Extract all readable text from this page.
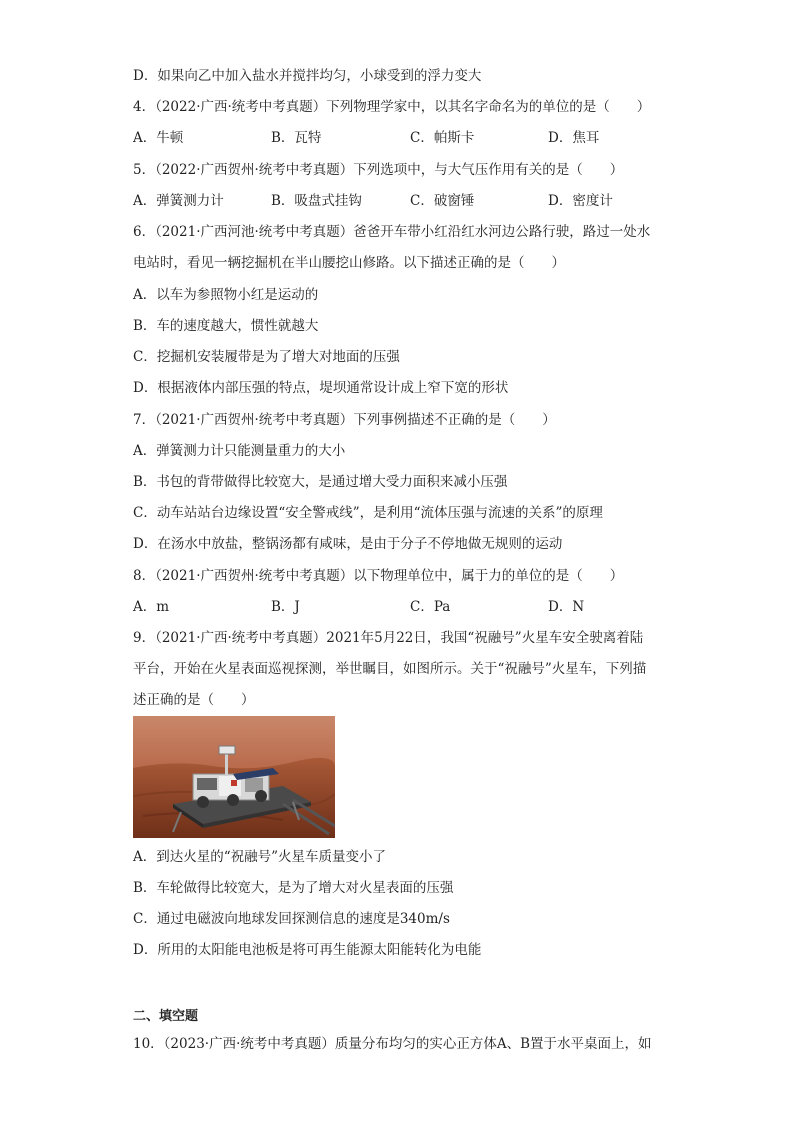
D．如果向乙中加入盐水并搅拌均匀，小球受到的浮力变大
4．（2022·广西·统考中考真题）下列物理学家中，以其名字命名为的单位的是（　　）
A．牛顿	B．瓦特	C．帕斯卡	D．焦耳
5．（2022·广西贺州·统考中考真题）下列选项中，与大气压作用有关的是（　　）
A．弹簧测力计	B．吸盘式挂钩	C．破窗锤	D．密度计
6．（2021·广西河池·统考中考真题）爸爸开车带小红沿红水河边公路行驶，路过一处水
电站时，看见一辆挖掘机在半山腰挖山修路。以下描述正确的是（　　）
A．以车为参照物小红是运动的
B．车的速度越大，惯性就越大
C．挖掘机安装履带是为了增大对地面的压强
D．根据液体内部压强的特点，堤坝通常设计成上窄下宽的形状
7．（2021·广西贺州·统考中考真题）下列事例描述不正确的是（　　）
A．弹簧测力计只能测量重力的大小
B．书包的背带做得比较宽大，是通过增大受力面积来减小压强
C．动车站站台边缘设置“安全警戒线”，是利用“流体压强与流速的关系”的原理
D．在汤水中放盐，整锅汤都有咸味，是由于分子不停地做无规则的运动
8．（2021·广西贺州·统考中考真题）以下物理单位中，属于力的单位的是（　　）
A．m	B．J	C．Pa	D．N
9．（2021·广西·统考中考真题）2021年5月22日，我国“祝融号”火星车安全驶离着陆
平台，开始在火星表面巡视探测，举世瞩目，如图所示。关于“祝融号”火星车，下列描
述正确的是（　　）
A．到达火星的“祝融号”火星车质量变小了
B．车轮做得比较宽大，是为了增大对火星表面的压强
C．通过电磁波向地球发回探测信息的速度是340m/s
D．所用的太阳能电池板是将可再生能源太阳能转化为电能
二、填空题
10．（2023·广西·统考中考真题）质量分布均匀的实心正方体A、B置于水平桌面上，如
